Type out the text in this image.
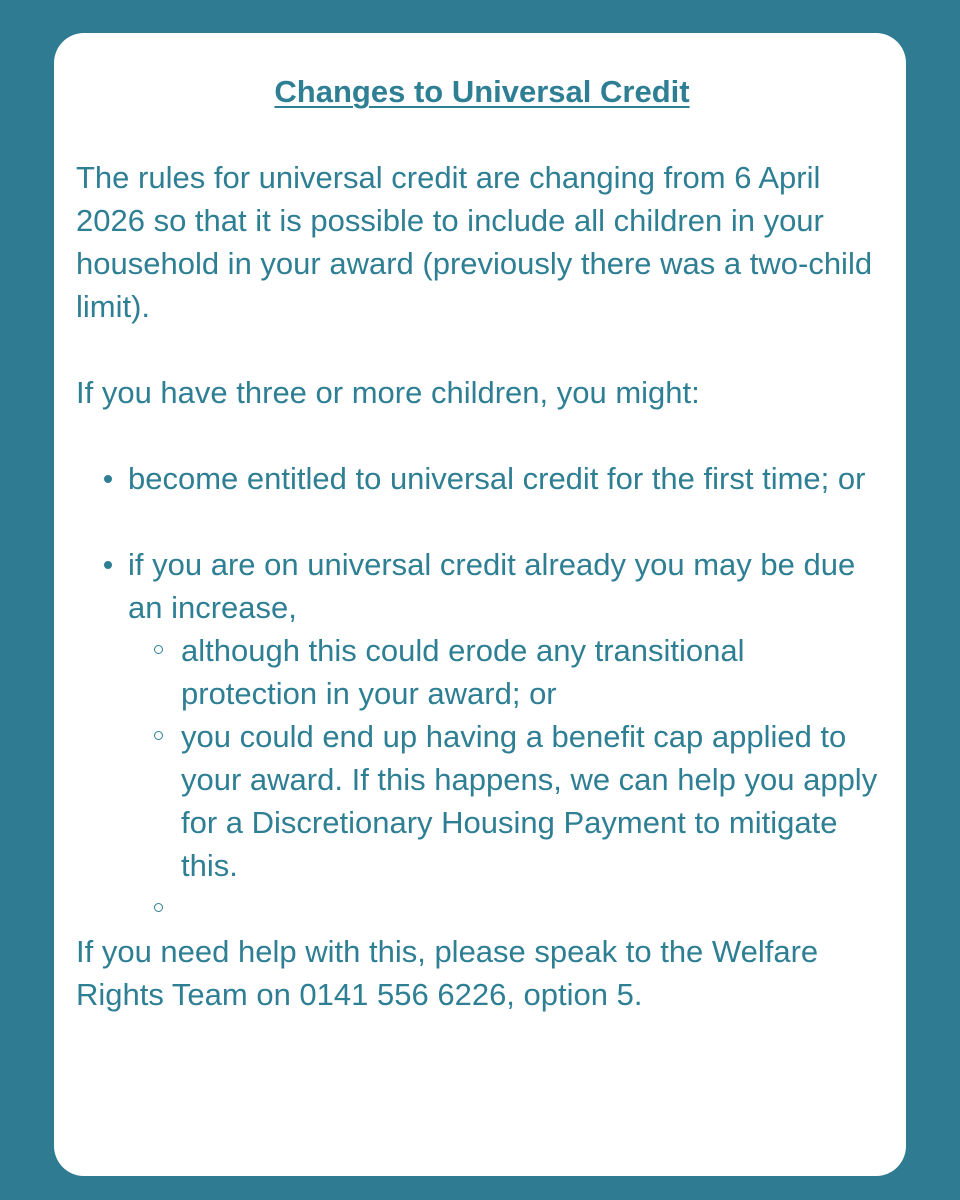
Changes to Universal Credit

The rules for universal credit are changing from 6 April 2026 so that it is possible to include all children in your household in your award (previously there was a two-child limit).

If you have three or more children, you might:

become entitled to universal credit for the first time; or
if you are on universal credit already you may be due an increase,
although this could erode any transitional protection in your award; or
you could end up having a benefit cap applied to your award. If this happens, we can help you apply for a Discretionary Housing Payment to mitigate this.

If you need help with this, please speak to the Welfare Rights Team on 0141 556 6226, option 5.
